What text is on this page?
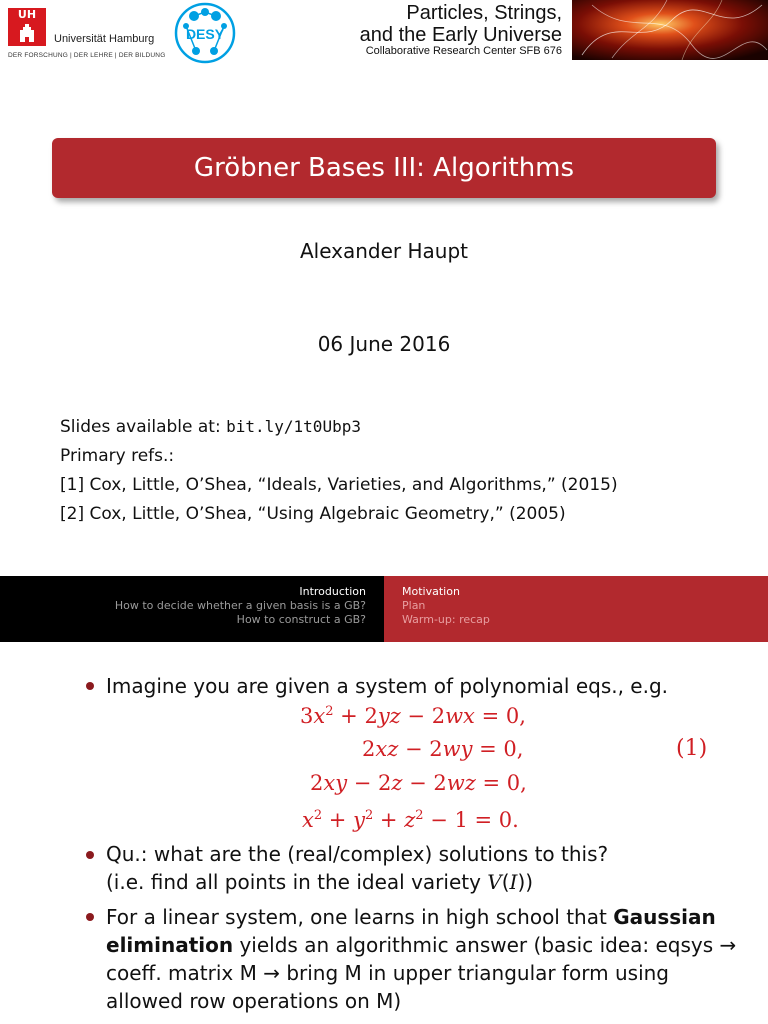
UH
Universität Hamburg
DER FORSCHUNG | DER LEHRE | DER BILDUNG
DESY
Particles, Strings,
and the Early Universe
Collaborative Research Center SFB 676
Gröbner Bases III: Algorithms
Alexander Haupt
06 June 2016
Slides available at: bit.ly/1t0Ubp3
Primary refs.:
[1] Cox, Little, O’Shea, “Ideals, Varieties, and Algorithms,” (2015)
[2] Cox, Little, O’Shea, “Using Algebraic Geometry,” (2005)
Introduction
How to decide whether a given basis is a GB?
How to construct a GB?
Motivation
Plan
Warm-up: recap
Imagine you are given a system of polynomial eqs., e.g.
$3x^2 + 2yz - 2wx = 0$,
2xz − 2wy = 0,
2xy − 2z − 2wz = 0,
$x^2 + y^2 + z^2 - 1 = 0$.
(1)
Qu.: what are the (real/complex) solutions to this?
(i.e. find all points in the ideal variety V(I))
For a linear system, one learns in high school that Gaussian
elimination yields an algorithmic answer (basic idea: eqsys →
coeff. matrix M → bring M in upper triangular form using
allowed row operations on M)
